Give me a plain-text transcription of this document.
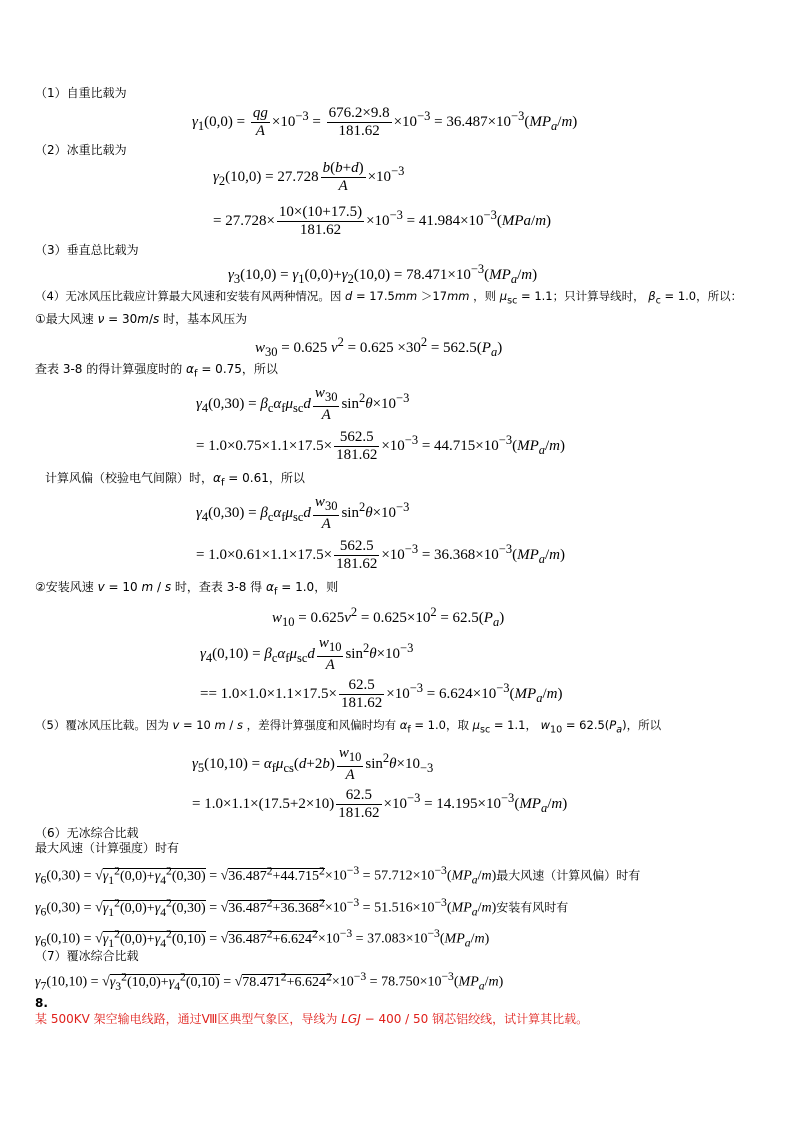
（1）自重比载为
$\gamma_1(0,0) = \frac{qg}{A} \times 10^{-3} = \frac{676.2\times 9.8}{181.62} \times 10^{-3} = 36.487\times 10^{-3}(MP_a/m)$
（2）冰重比载为
$\gamma_2(10,0) = 27.728 \frac{b(b+d)}{A} \times 10^{-3}$
= $27.728\times \frac{10\times(10+17.5)}{181.62} \times 10^{-3} = 41.984\times 10^{-3}(MPa/m)$
（3）垂直总比载为
$\gamma_3(10,0) = \gamma_1(0,0)+\gamma_2(10,0) = 78.471\times 10^{-3}(MP_a/m)$
（4）无冰风压比载应计算最大风速和安装有风两种情况。因 d = 17.5mm ＞17mm ，则 $\mu_{sc} = 1.1$；只计算导线时， $\beta_c = 1.0$，所以：
①最大风速 ν = 30m/s 时，基本风压为
$w_{30} = 0.625$ $\nu^2 = 0.625 \times 30^2 = 562.5(P_a)$
查表 3-8 的得计算强度时的 $\alpha_f = 0.75$，所以
$\gamma_4(0,30) = \beta_c\alpha_f\mu_{sc}d \frac{w_{30}}{A} \sin^2\theta\times 10^{-3}$
= $1.0\times 0.75\times 1.1\times 17.5\times \frac{562.5}{181.62} \times 10^{-3} = 44.715\times 10^{-3}(MP_a/m)$
计算风偏（校验电气间隙）时，$\alpha_f = 0.61$，所以
$\gamma_4(0,30) = \beta_c\alpha_f\mu_{sc}d \frac{w_{30}}{A} \sin^2\theta\times 10^{-3}$
= $1.0\times 0.61\times 1.1\times 17.5\times \frac{562.5}{181.62} \times 10^{-3} = 36.368\times 10^{-3}(MP_a/m)$
②安装风速 v = 10 m / s 时，查表 3-8 得 $\alpha_f = 1.0$，则
$w_{10} = 0.625\nu^2 = 0.625\times 10^2 = 62.5(P_a)$
$\gamma_4(0,10) = \beta_c\alpha_f\mu_{sc}d \frac{w_{10}}{A} \sin^2\theta\times 10^{-3}$
== $1.0\times 1.0\times 1.1\times 17.5\times \frac{62.5}{181.62} \times 10^{-3} = 6.624\times 10^{-3}(MP_a/m)$
（5）覆冰风压比载。因为 v = 10 m / s ，差得计算强度和风偏时均有 $\alpha_f = 1.0$，取 $\mu_{sc} = 1.1$， $w_{10} = 62.5(P_a)$，所以
$\gamma_5(10,10) = \alpha_f\mu_{cs}(d+2b) \frac{w_{10}}{A} \sin^2\theta\times 10_{-3}$
= $1.0\times 1.1\times(17.5+2\times 10) \frac{62.5}{181.62} \times 10^{-3} = 14.195\times 10^{-3}(MP_a/m)$
（6）无冰综合比载
最大风速（计算强度）时有
$\gamma_6(0,30) = √\gamma_1^2(0,0)+\gamma_4^2(0,30) = √36.487^2+44.715^2\times 10^{-3} = 57.712\times 10^{-3}(MP_a/m)$最大风速（计算风偏）时有
$\gamma_6(0,30) = √\gamma_1^2(0,0)+\gamma_4^2(0,30) = √36.487^2+36.368^2\times 10^{-3} = 51.516\times 10^{-3}(MP_a/m)$安装有风时有
$\gamma_6(0,10) = √\gamma_1^2(0,0)+\gamma_4^2(0,10) = √36.487^2+6.624^2\times 10^{-3} = 37.083\times 10^{-3}(MP_a/m)$
（7）覆冰综合比载
$\gamma_7(10,10) = √\gamma_3^2(10,0)+\gamma_4^2(0,10) = √78.471^2+6.624^2\times 10^{-3} = 78.750\times 10^{-3}(MP_a/m)$
8.
某 500KV 架空输电线路，通过Ⅷ区典型气象区，导线为 LGJ − 400 / 50 钢芯铝绞线，试计算其比载。
